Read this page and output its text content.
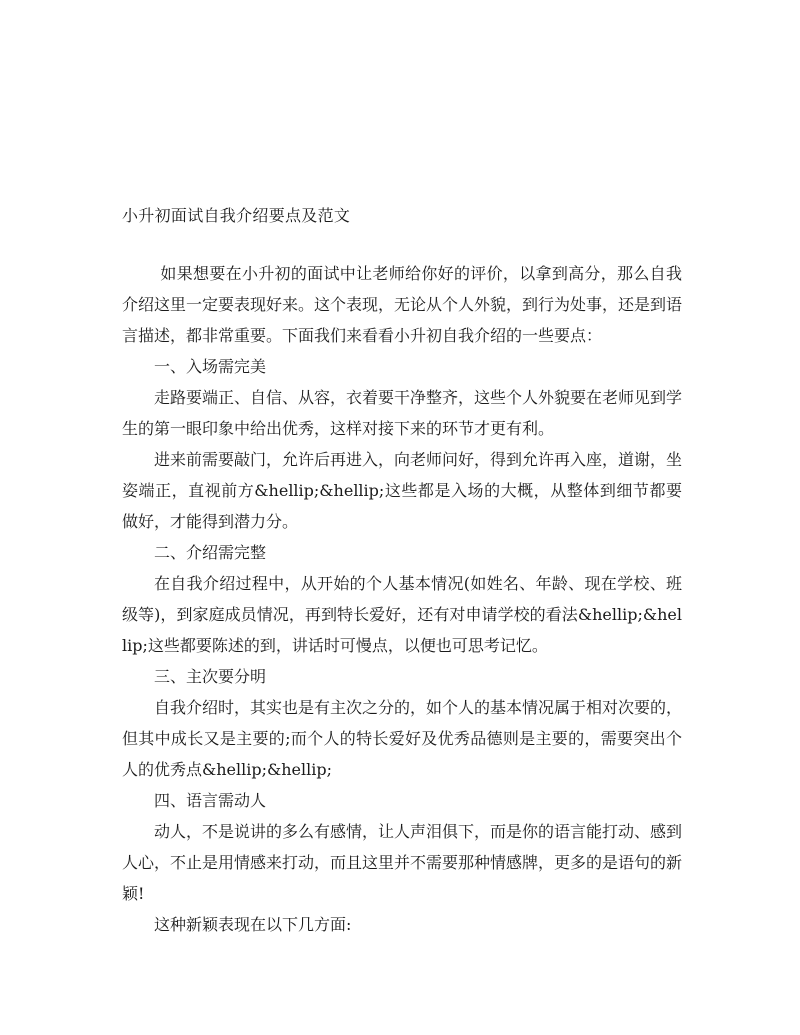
小升初面试自我介绍要点及范文

如果想要在小升初的面试中让老师给你好的评价，以拿到高分，那么自我介绍这里一定要表现好来。这个表现，无论从个人外貌，到行为处事，还是到语言描述，都非常重要。下面我们来看看小升初自我介绍的一些要点：

一、入场需完美

走路要端正、自信、从容，衣着要干净整齐，这些个人外貌要在老师见到学生的第一眼印象中给出优秀，这样对接下来的环节才更有利。

进来前需要敲门，允许后再进入，向老师问好，得到允许再入座，道谢，坐姿端正，直视前方&hellip;&hellip;这些都是入场的大概，从整体到细节都要做好，才能得到潜力分。

二、介绍需完整

在自我介绍过程中，从开始的个人基本情况(如姓名、年龄、现在学校、班级等)，到家庭成员情况，再到特长爱好，还有对申请学校的看法&hellip;&hellip;这些都要陈述的到，讲话时可慢点，以便也可思考记忆。

三、主次要分明

自我介绍时，其实也是有主次之分的，如个人的基本情况属于相对次要的，但其中成长又是主要的;而个人的特长爱好及优秀品德则是主要的，需要突出个人的优秀点&hellip;&hellip;

四、语言需动人

动人，不是说讲的多么有感情，让人声泪俱下，而是你的语言能打动、感到人心，不止是用情感来打动，而且这里并不需要那种情感牌，更多的是语句的新颖!

这种新颖表现在以下几方面:
